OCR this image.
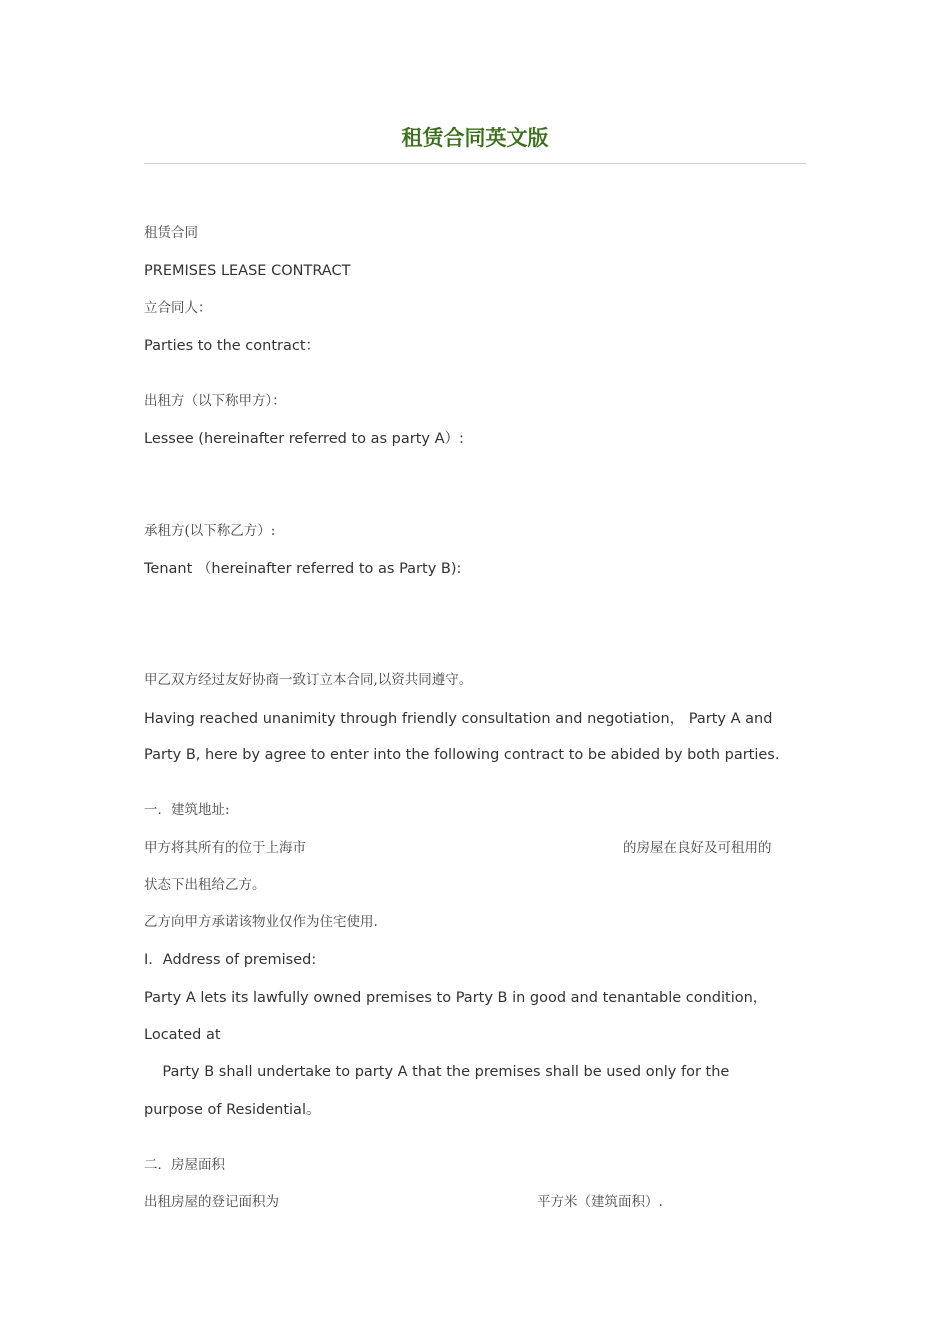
租赁合同英文版
租赁合同
PREMISES LEASE CONTRACT
立合同人：
Parties to the contract：
出租方（以下称甲方）：
Lessee (hereinafter referred to as party A）:
承租方(以下称乙方）:
Tenant （hereinafter referred to as Party B):
甲乙双方经过友好协商一致订立本合同,以资共同遵守。
Having reached unanimity through friendly consultation and negotiation， Party A and
Party B, here by agree to enter into the following contract to be abided by both parties.
一．建筑地址:
甲方将其所有的位于上海市	的房屋在良好及可租用的
状态下出租给乙方。
乙方向甲方承诺该物业仅作为住宅使用.
Ⅰ．Address of premised:
Party A lets its lawfully owned premises to Party B in good and tenantable condition，
Located at
Party B shall undertake to party A that the premises shall be used only for the
purpose of Residential。
二．房屋面积
出租房屋的登记面积为	平方米（建筑面积）.
